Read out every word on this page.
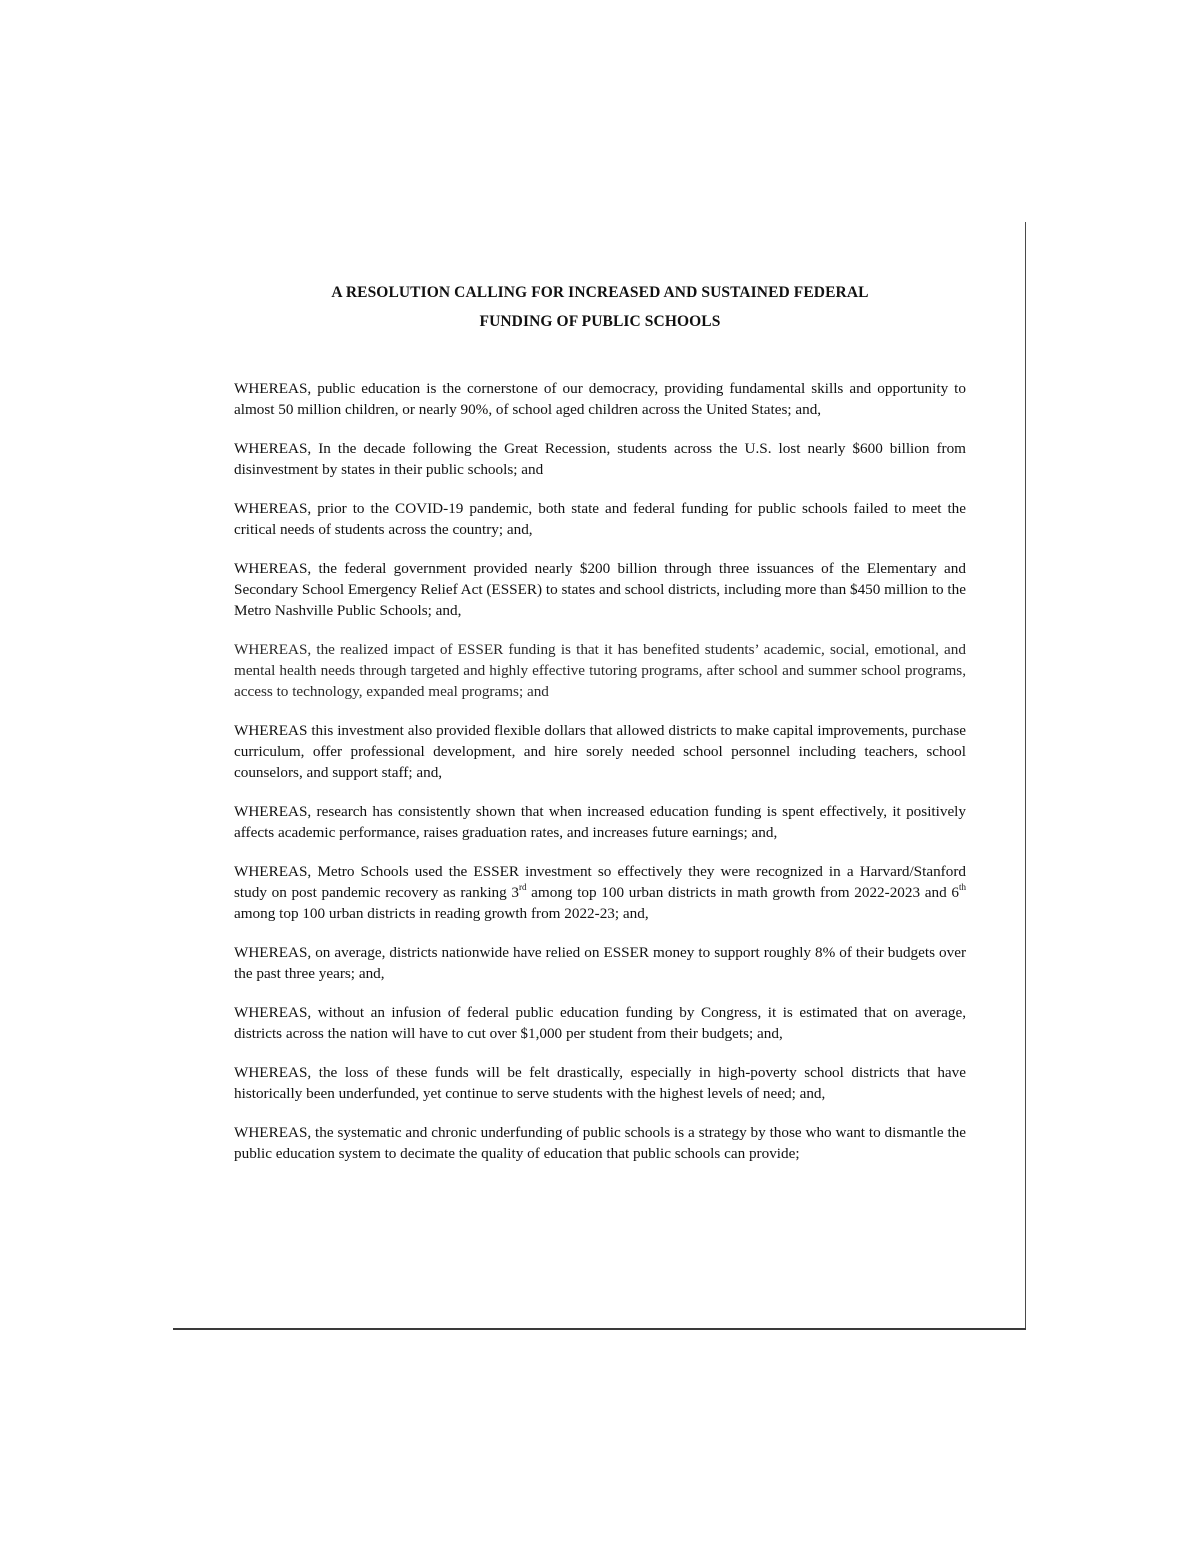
A RESOLUTION CALLING FOR INCREASED AND SUSTAINED FEDERAL
FUNDING OF PUBLIC SCHOOLS

WHEREAS, public education is the cornerstone of our democracy, providing fundamental skills and opportunity to almost 50 million children, or nearly 90%, of school aged children across the United States; and,

WHEREAS, In the decade following the Great Recession, students across the U.S. lost nearly $600 billion from disinvestment by states in their public schools; and

WHEREAS, prior to the COVID-19 pandemic, both state and federal funding for public schools failed to meet the critical needs of students across the country; and,

WHEREAS, the federal government provided nearly $200 billion through three issuances of the Elementary and Secondary School Emergency Relief Act (ESSER) to states and school districts, including more than $450 million to the Metro Nashville Public Schools; and,

WHEREAS, the realized impact of ESSER funding is that it has benefited students’ academic, social, emotional, and mental health needs through targeted and highly effective tutoring programs, after school and summer school programs, access to technology, expanded meal programs; and

WHEREAS this investment also provided flexible dollars that allowed districts to make capital improvements, purchase curriculum, offer professional development, and hire sorely needed school personnel including teachers, school counselors, and support staff; and,

WHEREAS, research has consistently shown that when increased education funding is spent effectively, it positively affects academic performance, raises graduation rates, and increases future earnings; and,

WHEREAS, Metro Schools used the ESSER investment so effectively they were recognized in a Harvard/Stanford study on post pandemic recovery as ranking 3rd among top 100 urban districts in math growth from 2022-2023 and 6th among top 100 urban districts in reading growth from 2022-23; and,

WHEREAS, on average, districts nationwide have relied on ESSER money to support roughly 8% of their budgets over the past three years; and,

WHEREAS, without an infusion of federal public education funding by Congress, it is estimated that on average, districts across the nation will have to cut over $1,000 per student from their budgets; and,

WHEREAS, the loss of these funds will be felt drastically, especially in high-poverty school districts that have historically been underfunded, yet continue to serve students with the highest levels of need; and,

WHEREAS, the systematic and chronic underfunding of public schools is a strategy by those who want to dismantle the public education system to decimate the quality of education that public schools can provide;
